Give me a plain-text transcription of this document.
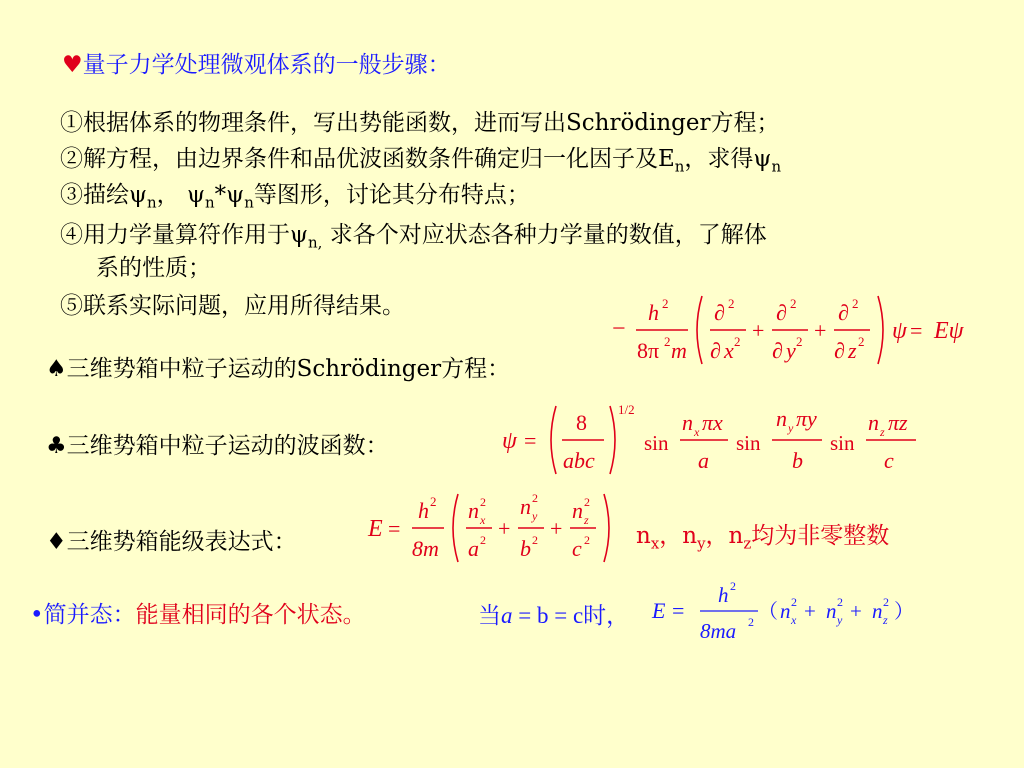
♥量子力学处理微观体系的一般步骤：
①根据体系的物理条件，写出势能函数，进而写出Schrödinger方程；
②解方程，由边界条件和品优波函数条件确定归一化因子及$E_n$，求得$\psi_n$
③描绘$\psi_n$， $\psi_n*\psi_n$等图形，讨论其分布特点；
④用力学量算符作用于$\psi_{n,}$ 求各个对应状态各种力学量的数值，了解体
系的性质；
⑤联系实际问题，应用所得结果。
♠三维势箱中粒子运动的Schrödinger方程：
♣三维势箱中粒子运动的波函数：
♦三维势箱能级表达式：	$n_x$，$n_y$，$n_z$均为非零整数
•简并态：能量相同的各个状态。	当a = b = c时，
−
h 2
8π 2 m
∂ 2
∂ x 2 +
∂ 2
∂ y 2 +
∂ 2
∂ z 2 ψ = Eψ
ψ =
8
abc
1/2
sin
n x πx
a
sin
n y πy
b
sin
n z πz
c
E =
h 2
8m
n 2
x
a 2 +
n 2
y
b 2 +
n 2
z
c 2
E =
h 2
8ma 2 （ n 2
x + n 2
y + n 2
z ）
